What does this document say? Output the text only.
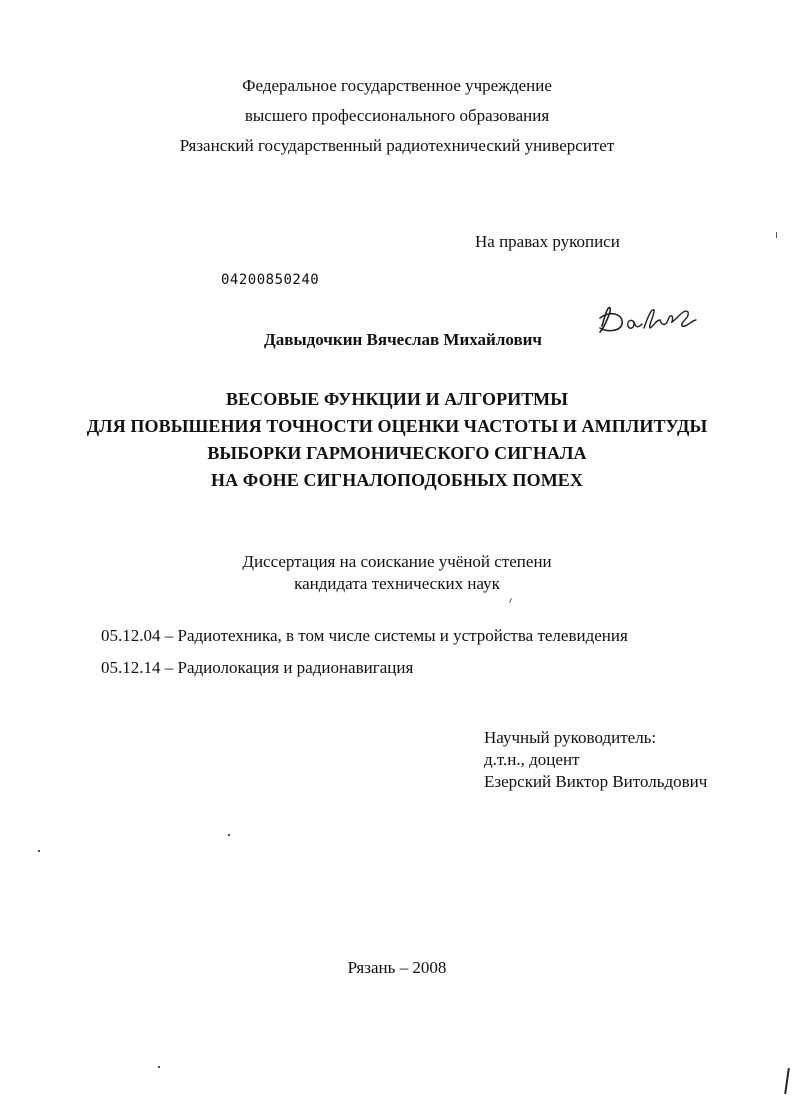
Федеральное государственное учреждение
высшего профессионального образования
Рязанский государственный радиотехнический университет
На правах рукописи
04200850240
Давыдочкин Вячеслав Михайлович
ВЕСОВЫЕ ФУНКЦИИ И АЛГОРИТМЫ
ДЛЯ ПОВЫШЕНИЯ ТОЧНОСТИ ОЦЕНКИ ЧАСТОТЫ И АМПЛИТУДЫ
ВЫБОРКИ ГАРМОНИЧЕСКОГО СИГНАЛА
НА ФОНЕ СИГНАЛОПОДОБНЫХ ПОМЕХ
Диссертация на соискание учёной степени
кандидата технических наук
05.12.04 – Радиотехника, в том числе системы и устройства телевидения
05.12.14 – Радиолокация и радионавигация
Научный руководитель:
д.т.н., доцент
Езерский Виктор Витольдович
Рязань – 2008
